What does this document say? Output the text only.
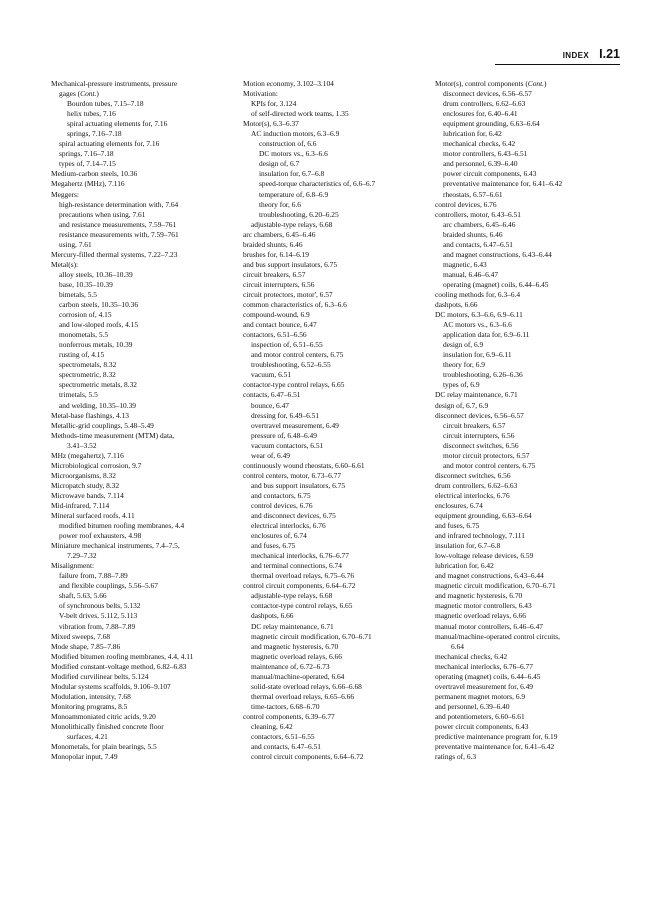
INDEX I.21
Mechanical-pressure instruments, pressure
gages (Cont.)
Bourdon tubes, 7.15–7.18
helix tubes, 7.16
spiral actuating elements for, 7.16
springs, 7.16–7.18
spiral actuating elements for, 7.16
springs, 7.16–7.18
types of, 7.14–7.15
Medium-carbon steels, 10.36
Megahertz (MHz), 7.116
Meggers:
high-resistance determination with, 7.64
precautions when using, 7.61
and resistance measurements, 7.59–761
resistance measurements with, 7.59–761
using, 7.61
Mercury-filled thermal systems, 7.22–7.23
Metal(s):
alloy steels, 10.36–10.39
base, 10.35–10.39
bimetals, 5.5
carbon steels, 10.35–10.36
corrosion of, 4.15
and low-sloped roofs, 4.15
monometals, 5.5
nonferrous metals, 10.39
rusting of, 4.15
spectrometals, 8.32
spectrometric, 8.32
spectrometric metals, 8.32
trimetals, 5.5
and welding, 10.35–10.39
Metal-base flashings, 4.13
Metallic-grid couplings, 5.48–5.49
Methods-time measurement (MTM) data,
3.41–3.52
MHz (megahertz), 7.116
Microbiological corrosion, 9.7
Microorganisms, 8.32
Micropatch study, 8.32
Microwave bands, 7.114
Mid-infrared, 7.114
Mineral surfaced roofs, 4.11
modified bitumen roofing membranes, 4.4
power roof exhausters, 4.98
Miniature mechanical instruments, 7.4–7.5,
7.29–7.32
Misalignment:
failure from, 7.88–7.89
and flexible couplings, 5.56–5.67
shaft, 5.63, 5.66
of synchronous belts, 5.132
V-belt drives, 5.112, 5.113
vibration from, 7.88–7.89
Mixed sweeps, 7.68
Mode shape, 7.85–7.86
Modified bitumen roofing membranes, 4.4, 4.11
Modified constant-voltage method, 6.82–6.83
Modified curvilinear belts, 5.124
Modular systems scaffolds, 9.106–9.107
Modulation, intensity, 7.68
Monitoring programs, 8.5
Monoammoniated citric acids, 9.20
Monolithically finished concrete floor
surfaces, 4.21
Monometals, for plain bearings, 5.5
Monopolar input, 7.49
Motion economy, 3.102–3.104
Motivation:
KPIs for, 3.124
of self-directed work teams, 1.35
Motor(s), 6.3–6.37
AC induction motors, 6.3–6.9
construction of, 6.6
DC motors vs., 6.3–6.6
design of, 6.7
insulation for, 6.7–6.8
speed-torque characteristics of, 6.6–6.7
temperature of, 6.8–6.9
theory for, 6.6
troubleshooting, 6.20–6.25
adjustable-type relays, 6.68
arc chambers, 6.45–6.46
braided shunts, 6.46
brushes for, 6.14–6.19
and bus support insulators, 6.75
circuit breakers, 6.57
circuit interrupters, 6.56
circuit protectors, motor', 6.57
common characteristics of, 6.3–6.6
compound-wound, 6.9
and contact bounce, 6.47
contactors, 6.51–6.56
inspection of, 6.51–6.55
and motor control centers, 6.75
troubleshooting, 6.52–6.55
vacuum, 6.51
contactor-type control relays, 6.65
contacts, 6.47–6.51
bounce, 6.47
dressing for, 6.49–6.51
overtravel measurement, 6.49
pressure of, 6.48–6.49
vacuum contactors, 6.51
wear of, 6.49
continuously wound rheostats, 6.60–6.61
control centers, motor, 6.73–6.77
and bus support insulators, 6.75
and contactors, 6.75
control devices, 6.76
and disconnect devices, 6.75
electrical interlocks, 6.76
enclosures of, 6.74
and fuses, 6.75
mechanical interlocks, 6.76–6.77
and terminal connections, 6.74
thermal overload relays, 6.75–6.76
control circuit components, 6.64–6.72
adjustable-type relays, 6.68
contactor-type control relays, 6.65
dashpots, 6.66
DC relay maintenance, 6.71
magnetic circuit modification, 6.70–6.71
and magnetic hysteresis, 6.70
magnetic overload relays, 6.66
maintenance of, 6.72–6.73
manual/machine-operated, 6.64
solid-state overload relays, 6.66–6.68
thermal overload relays, 6.65–6.66
time-tactors, 6.68–6.70
control components, 6.39–6.77
cleaning, 6.42
contactors, 6.51–6.55
and contacts, 6.47–6.51
control circuit components, 6.64–6.72
Motor(s), control components (Cont.)
disconnect devices, 6.56–6.57
drum controllers, 6.62–6.63
enclosures for, 6.40–6.41
equipment grounding, 6.63–6.64
lubrication for, 6.42
mechanical checks, 6.42
motor controllers, 6.43–6.51
and personnel, 6.39–6.40
power circuit components, 6.43
preventative maintenance for, 6.41–6.42
rheostats, 6.57–6.61
control devices, 6.76
controllers, motor, 6.43–6.51
arc chambers, 6.45–6.46
braided shunts, 6.46
and contacts, 6.47–6.51
and magnet constructions, 6.43–6.44
magnetic, 6.43
manual, 6.46–6.47
operating (magnet) coils, 6.44–6.45
cooling methods for, 6.3–6.4
dashpots, 6.66
DC motors, 6.3–6.6, 6.9–6.11
AC motors vs., 6.3–6.6
application data for, 6.9–6.11
design of, 6.9
insulation for, 6.9–6.11
theory for, 6.9
troubleshooting, 6.26–6.36
types of, 6.9
DC relay maintenance, 6.71
design of, 6.7, 6.9
disconnect devices, 6.56–6.57
circuit breakers, 6.57
circuit interrupters, 6.56
disconnect switches, 6.56
motor circuit protectors, 6.57
and motor control centers, 6.75
disconnect switches, 6.56
drum controllers, 6.62–6.63
electrical interlocks, 6.76
enclosures, 6.74
equipment grounding, 6.63–6.64
and fuses, 6.75
and infrared technology, 7.111
insulation for, 6.7–6.8
low-voltage release devices, 6.59
lubrication for, 6.42
and magnet constructions, 6.43–6.44
magnetic circuit modification, 6.70–6.71
and magnetic hysteresis, 6.70
magnetic motor controllers, 6.43
magnetic overload relays, 6.66
manual motor controllers, 6.46–6.47
manual/machine-operated control circuits,
6.64
mechanical checks, 6.42
mechanical interlocks, 6.76–6.77
operating (magnet) coils, 6.44–6.45
overtravel measurement for, 6.49
permanent magnet motors, 6.9
and personnel, 6.39–6.40
and potentiometers, 6.60–6.61
power circuit components, 6.43
predictive maintenance program for, 6.19
preventative maintenance for, 6.41–6.42
ratings of, 6.3
